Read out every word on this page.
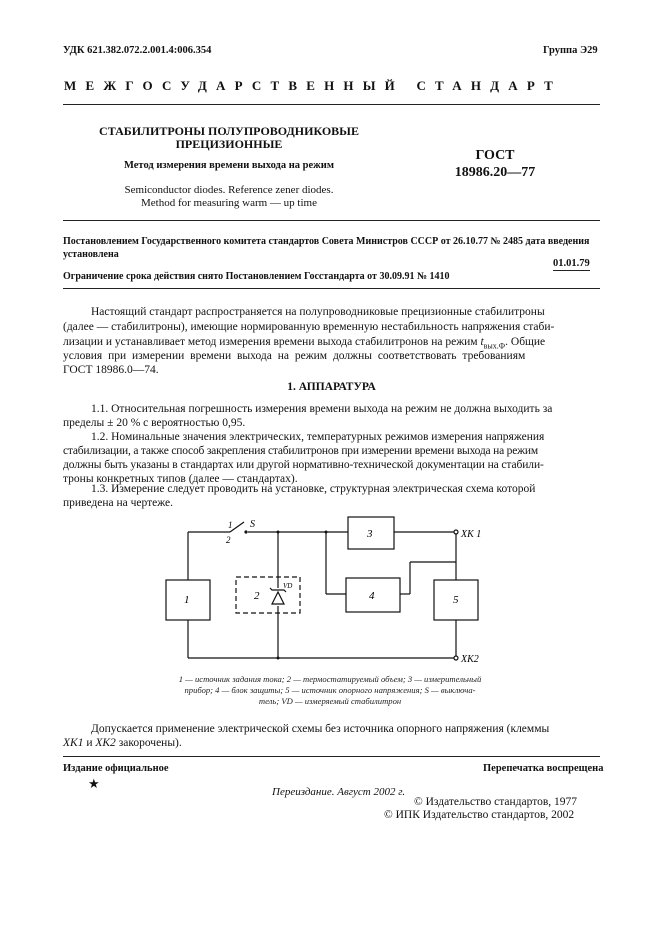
УДК 621.382.072.2.001.4:006.354	Группа Э29
МЕЖГОСУДАРСТВЕННЫЙ СТАНДАРТ
СТАБИЛИТРОНЫ ПОЛУПРОВОДНИКОВЫЕ
ПРЕЦИЗИОННЫЕ
Метод измерения времени выхода на режим
Semiconductor diodes. Reference zener diodes.
Method for measuring warm — up time
ГОСТ
18986.20—77
Постановлением Государственного комитета стандартов Совета Министров СССР от 26.10.77 № 2485 дата введения
установлена
01.01.79
Ограничение срока действия снято Постановлением Госстандарта от 30.09.91 № 1410
Настоящий стандарт распространяется на полупроводниковые прецизионные стабилитроны
(далее — стабилитроны), имеющие нормированную временную нестабильность напряжения стаби-
лизации и устанавливает метод измерения времени выхода стабилитронов на режим $t_{вых.Ф}$. Общие
условия при измерении времени выхода на режим должны соответствовать требованиям
ГОСТ 18986.0—74.
1. АППАРАТУРА
1.1. Относительная погрешность измерения времени выхода на режим не должна выходить за
пределы ± 20 % с вероятностью 0,95.
1.2. Номинальные значения электрических, температурных режимов измерения напряжения
стабилизации, а также способ закрепления стабилитронов при измерении времени выхода на режим
должны быть указаны в стандартах или другой нормативно-технической документации на стабили-
троны конкретных типов (далее — стандартах).
1.3. Измерение следует проводить на установке, структурная электрическая схема которой
приведена на чертеже.
1	2
VD
3
4	5
S
1
2	XK 1
XK2
1 — источник задания тока; 2 — термостатируемый объем; 3 — измерительный
прибор; 4 — блок защиты; 5 — источник опорного напряжения; S — выключа-
тель; VD — измеряемый стабилитрон
Допускается применение электрической схемы без источника опорного напряжения (клеммы
XK1 и XK2 закорочены).
Издание официальное
★
Перепечатка воспрещена
Переиздание. Август 2002 г.
© Издательство стандартов, 1977
© ИПК Издательство стандартов, 2002
